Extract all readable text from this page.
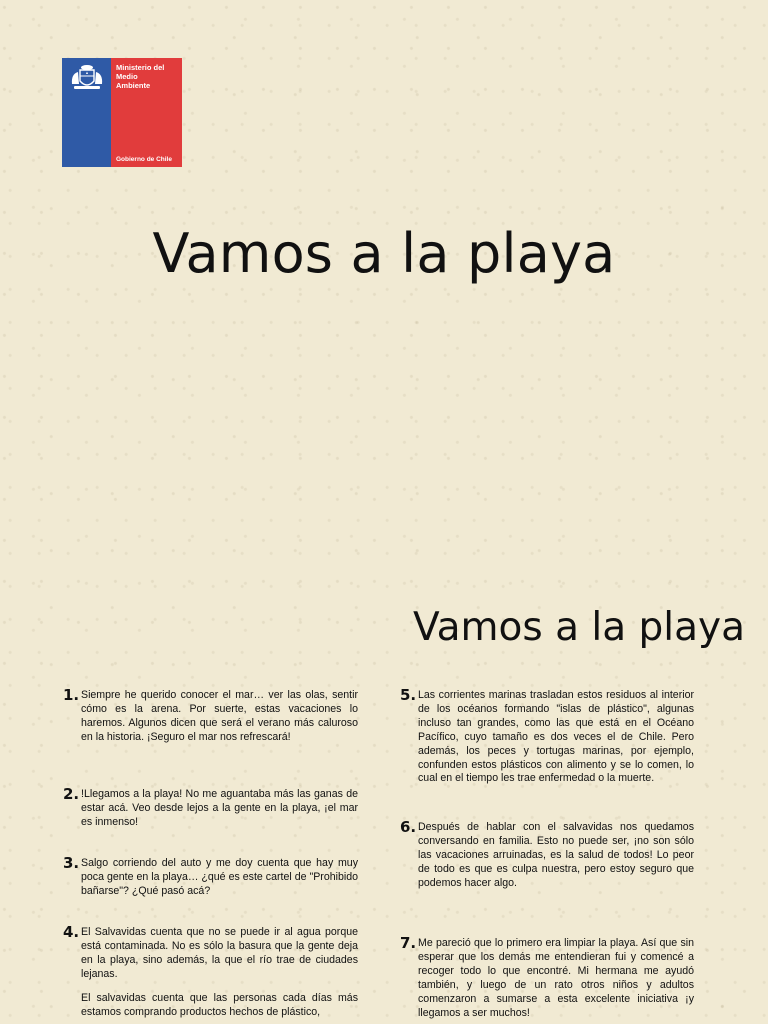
Ministerio del
Medio
Ambiente
Gobierno de Chile
Vamos a la playa
Vamos a la playa
1. Siempre he querido conocer el mar… ver las olas, sentir cómo es la arena. Por suerte, estas vacaciones lo haremos. Algunos dicen que será el verano más caluroso en la historia. ¡Seguro el mar nos refrescará!

2. !Llegamos a la playa! No me aguantaba más las ganas de estar acá. Veo desde lejos a la gente en la playa, ¡el mar es inmenso!

3. Salgo corriendo del auto y me doy cuenta que hay muy poca gente en la playa… ¿qué es este cartel de "Prohibido bañarse"? ¿Qué pasó acá?

4. El Salvavidas cuenta que no se puede ir al agua porque está contaminada. No es sólo la basura que la gente deja en la playa, sino además, la que el río trae de ciudades lejanas.

El salvavidas cuenta que las personas cada días más estamos comprando productos hechos de plástico,

5. Las corrientes marinas trasladan estos residuos al interior de los océanos formando "islas de plástico", algunas incluso tan grandes, como las que está en el Océano Pacífico, cuyo tamaño es dos veces el de Chile. Pero además, los peces y tortugas marinas, por ejemplo, confunden estos plásticos con alimento y se lo comen, lo cual en el tiempo les trae enfermedad o la muerte.

6. Después de hablar con el salvavidas nos quedamos conversando en familia. Esto no puede ser, ¡no son sólo las vacaciones arruinadas, es la salud de todos! Lo peor de todo es que es culpa nuestra, pero estoy seguro que podemos hacer algo.

7. Me pareció que lo primero era limpiar la playa. Así que sin esperar que los demás me entendieran fui y comencé a recoger todo lo que encontré. Mi hermana me ayudó también, y luego de un rato otros niños y adultos comenzaron a sumarse a esta excelente iniciativa ¡y llegamos a ser muchos!
